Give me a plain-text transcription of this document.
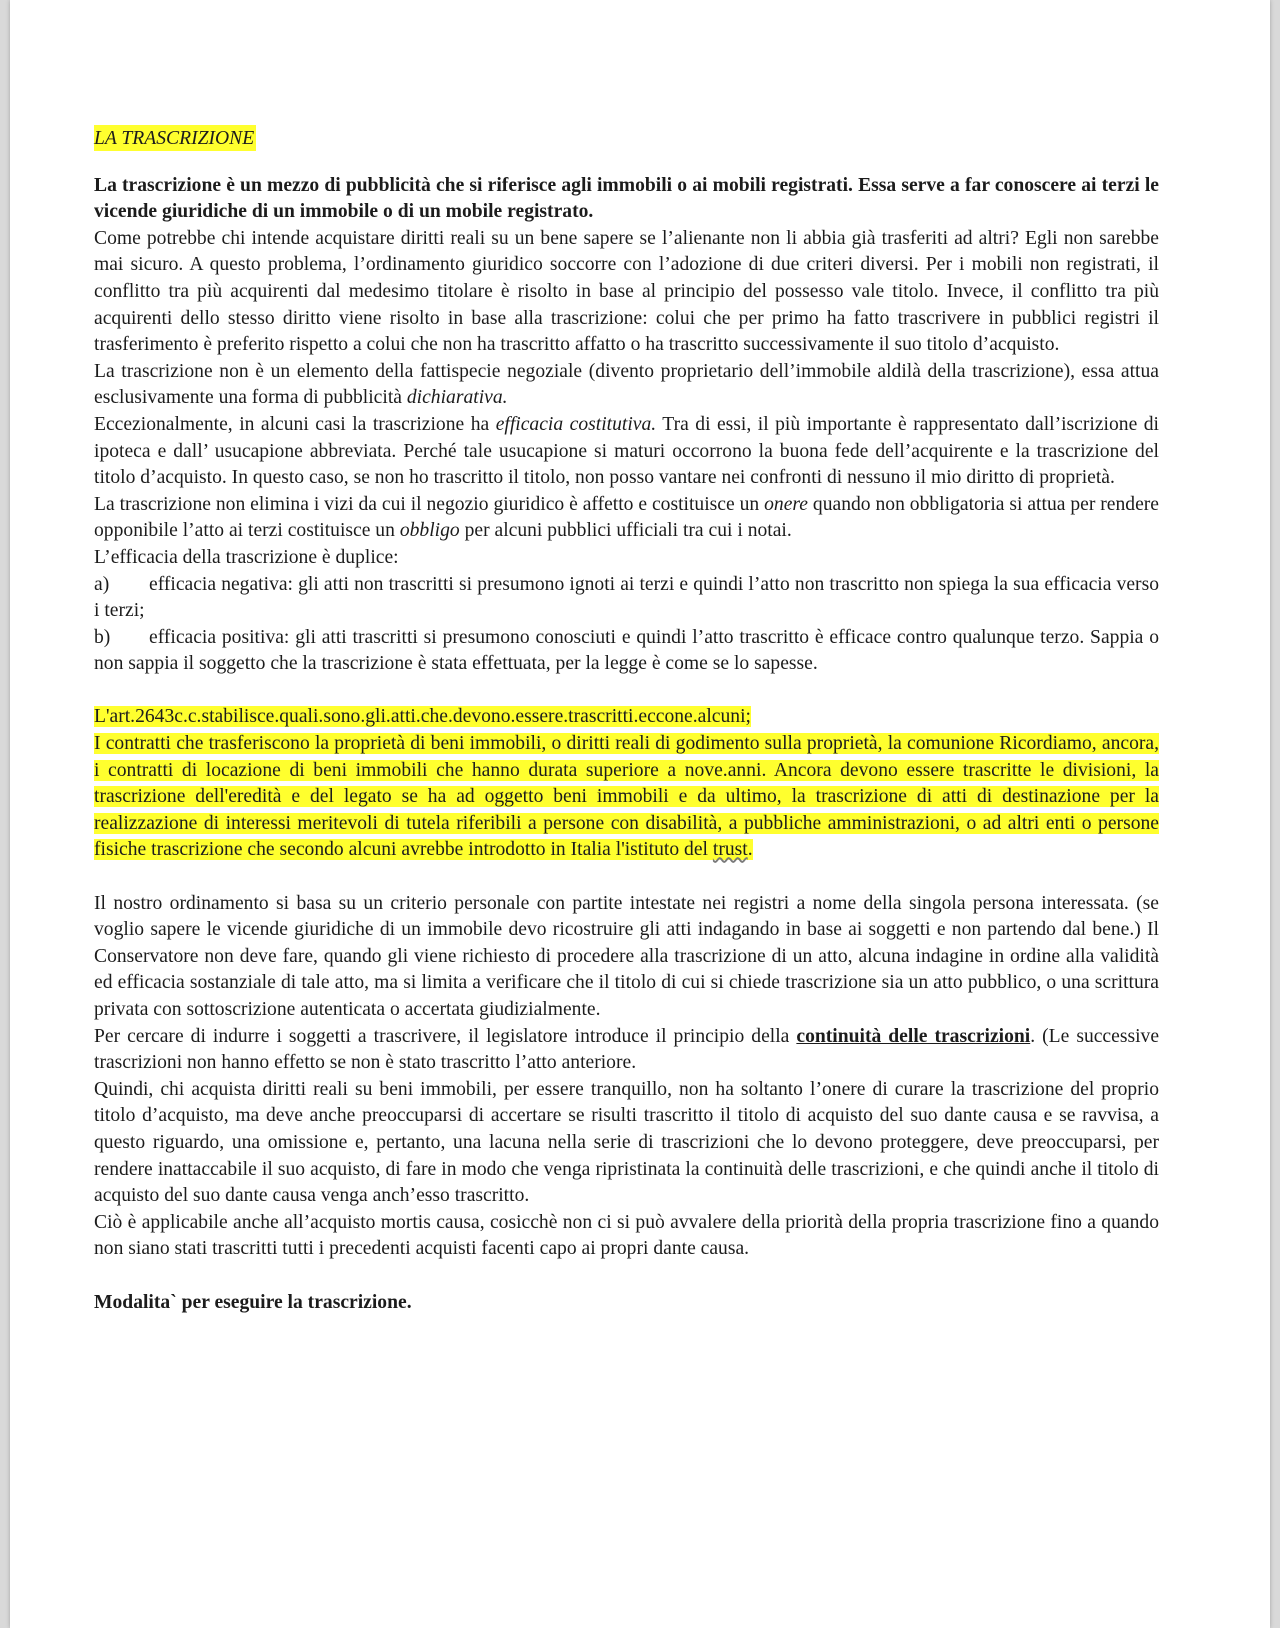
LA TRASCRIZIONE

La trascrizione è un mezzo di pubblicità che si riferisce agli immobili o ai mobili registrati. Essa serve a far conoscere ai terzi le vicende giuridiche di un immobile o di un mobile registrato.

Come potrebbe chi intende acquistare diritti reali su un bene sapere se l’alienante non li abbia già trasferiti ad altri? Egli non sarebbe mai sicuro. A questo problema, l’ordinamento giuridico soccorre con l’adozione di due criteri diversi. Per i mobili non registrati, il conflitto tra più acquirenti dal medesimo titolare è risolto in base al principio del possesso vale titolo. Invece, il conflitto tra più acquirenti dello stesso diritto viene risolto in base alla trascrizione: colui che per primo ha fatto trascrivere in pubblici registri il trasferimento è preferito rispetto a colui che non ha trascritto affatto o ha trascritto successivamente il suo titolo d’acquisto.

La trascrizione non è un elemento della fattispecie negoziale (divento proprietario dell’immobile aldilà della trascrizione), essa attua esclusivamente una forma di pubblicità dichiarativa.

Eccezionalmente, in alcuni casi la trascrizione ha efficacia costitutiva. Tra di essi, il più importante è rappresentato dall’iscrizione di ipoteca e dall’ usucapione abbreviata. Perché tale usucapione si maturi occorrono la buona fede dell’acquirente e la trascrizione del titolo d’acquisto. In questo caso, se non ho trascritto il titolo, non posso vantare nei confronti di nessuno il mio diritto di proprietà.

La trascrizione non elimina i vizi da cui il negozio giuridico è affetto e costituisce un onere quando non obbligatoria si attua per rendere opponibile l’atto ai terzi costituisce un obbligo per alcuni pubblici ufficiali tra cui i notai.

L’efficacia della trascrizione è duplice:

a) efficacia negativa: gli atti non trascritti si presumono ignoti ai terzi e quindi l’atto non trascritto non spiega la sua efficacia verso i terzi;

b) efficacia positiva: gli atti trascritti si presumono conosciuti e quindi l’atto trascritto è efficace contro qualunque terzo. Sappia o non sappia il soggetto che la trascrizione è stata effettuata, per la legge è come se lo sapesse.

L'art.2643c.c.stabilisce.quali.sono.gli.atti.che.devono.essere.trascritti.eccone.alcuni;

I contratti che trasferiscono la proprietà di beni immobili, o diritti reali di godimento sulla proprietà, la comunione Ricordiamo, ancora, i contratti di locazione di beni immobili che hanno durata superiore a nove.anni. Ancora devono essere trascritte le divisioni, la trascrizione dell'eredità e del legato se ha ad oggetto beni immobili e da ultimo, la trascrizione di atti di destinazione per la realizzazione di interessi meritevoli di tutela riferibili a persone con disabilità, a pubbliche amministrazioni, o ad altri enti o persone fisiche trascrizione che secondo alcuni avrebbe introdotto in Italia l'istituto del trust.

Il nostro ordinamento si basa su un criterio personale con partite intestate nei registri a nome della singola persona interessata. (se voglio sapere le vicende giuridiche di un immobile devo ricostruire gli atti indagando in base ai soggetti e non partendo dal bene.) Il Conservatore non deve fare, quando gli viene richiesto di procedere alla trascrizione di un atto, alcuna indagine in ordine alla validità ed efficacia sostanziale di tale atto, ma si limita a verificare che il titolo di cui si chiede trascrizione sia un atto pubblico, o una scrittura privata con sottoscrizione autenticata o accertata giudizialmente.

Per cercare di indurre i soggetti a trascrivere, il legislatore introduce il principio della continuità delle trascrizioni. (Le successive trascrizioni non hanno effetto se non è stato trascritto l’atto anteriore.

Quindi, chi acquista diritti reali su beni immobili, per essere tranquillo, non ha soltanto l’onere di curare la trascrizione del proprio titolo d’acquisto, ma deve anche preoccuparsi di accertare se risulti trascritto il titolo di acquisto del suo dante causa e se ravvisa, a questo riguardo, una omissione e, pertanto, una lacuna nella serie di trascrizioni che lo devono proteggere, deve preoccuparsi, per rendere inattaccabile il suo acquisto, di fare in modo che venga ripristinata la continuità delle trascrizioni, e che quindi anche il titolo di acquisto del suo dante causa venga anch’esso trascritto.

Ciò è applicabile anche all’acquisto mortis causa, cosicchè non ci si può avvalere della priorità della propria trascrizione fino a quando non siano stati trascritti tutti i precedenti acquisti facenti capo ai propri dante causa.

Modalita` per eseguire la trascrizione.
